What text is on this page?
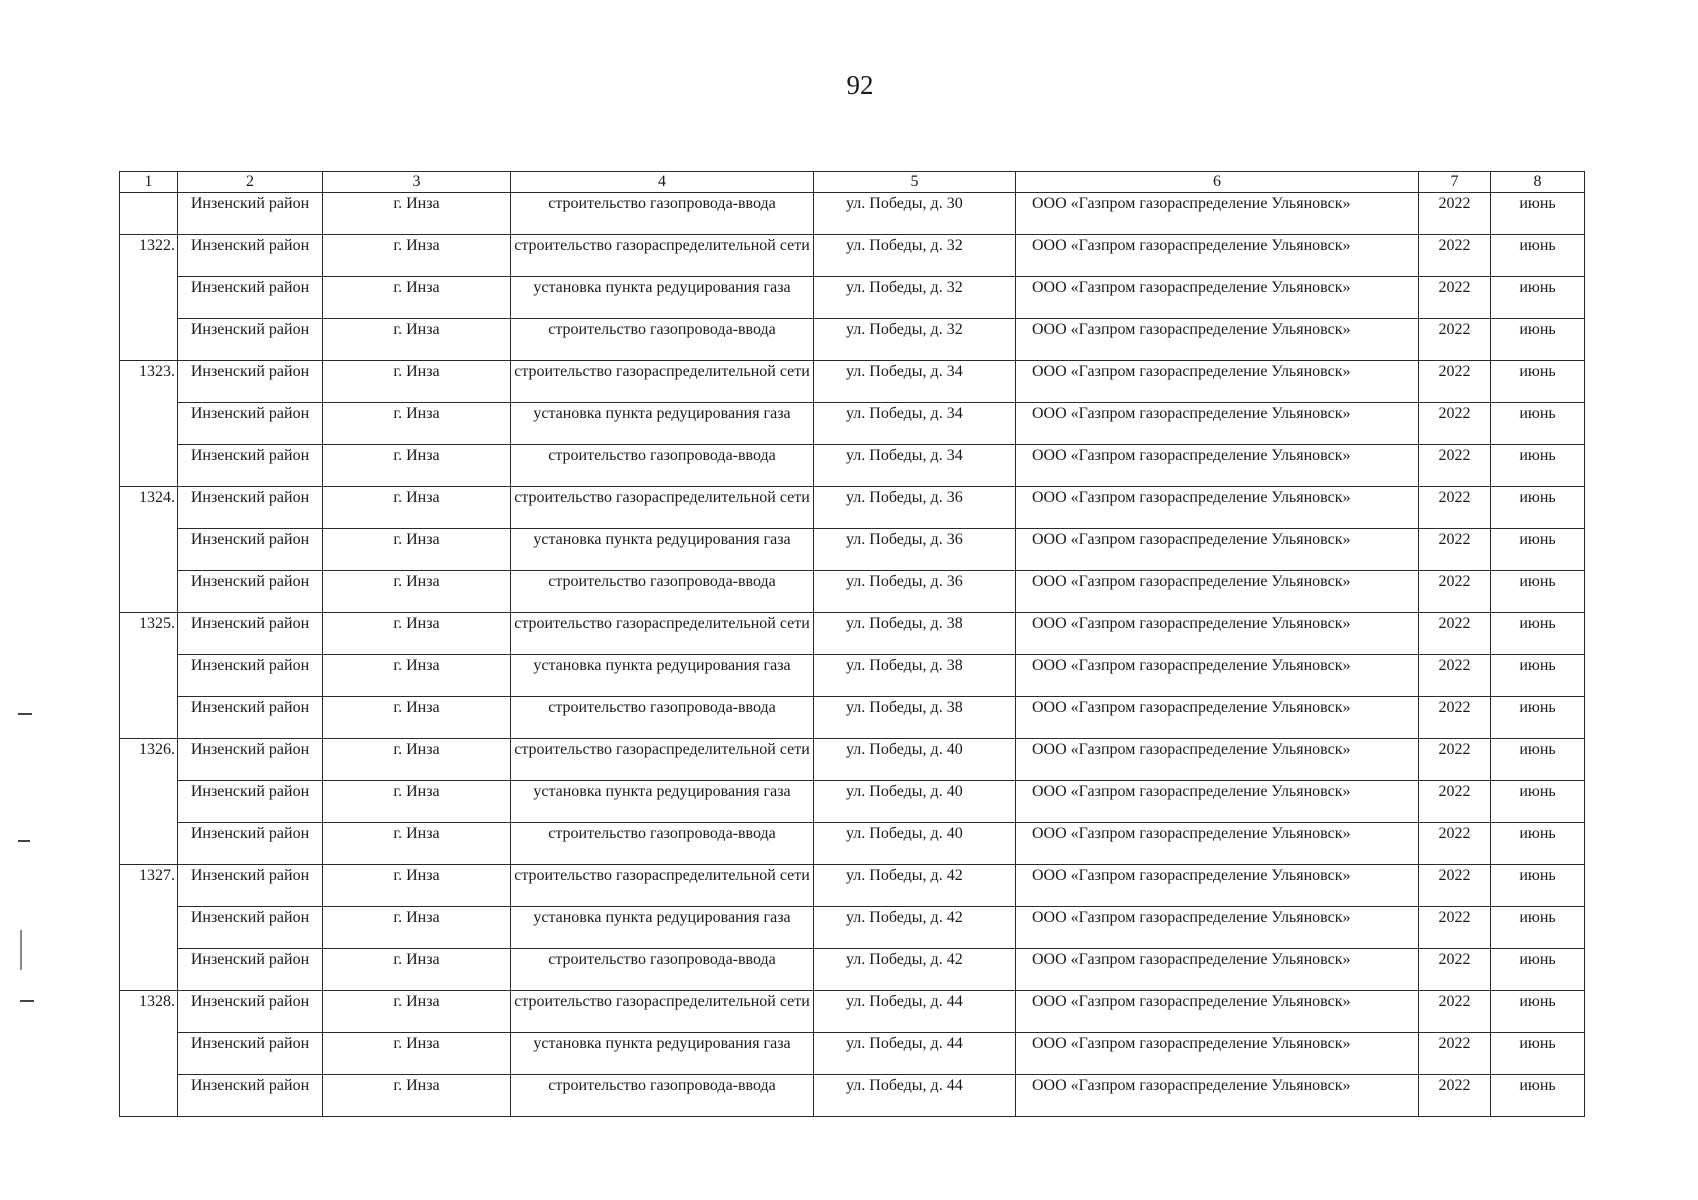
92
1	2	3	4	5	6	7	8
	Инзенский район	г. Инза	строительство газопровода-ввода	ул. Победы, д. 30	ООО «Газпром газораспределение Ульяновск»	2022	июнь
1322.	Инзенский район	г. Инза	строительство газораспределительной сети	ул. Победы, д. 32	ООО «Газпром газораспределение Ульяновск»	2022	июнь
	Инзенский район	г. Инза	установка пункта редуцирования газа	ул. Победы, д. 32	ООО «Газпром газораспределение Ульяновск»	2022	июнь
	Инзенский район	г. Инза	строительство газопровода-ввода	ул. Победы, д. 32	ООО «Газпром газораспределение Ульяновск»	2022	июнь
1323.	Инзенский район	г. Инза	строительство газораспределительной сети	ул. Победы, д. 34	ООО «Газпром газораспределение Ульяновск»	2022	июнь
	Инзенский район	г. Инза	установка пункта редуцирования газа	ул. Победы, д. 34	ООО «Газпром газораспределение Ульяновск»	2022	июнь
	Инзенский район	г. Инза	строительство газопровода-ввода	ул. Победы, д. 34	ООО «Газпром газораспределение Ульяновск»	2022	июнь
1324.	Инзенский район	г. Инза	строительство газораспределительной сети	ул. Победы, д. 36	ООО «Газпром газораспределение Ульяновск»	2022	июнь
	Инзенский район	г. Инза	установка пункта редуцирования газа	ул. Победы, д. 36	ООО «Газпром газораспределение Ульяновск»	2022	июнь
	Инзенский район	г. Инза	строительство газопровода-ввода	ул. Победы, д. 36	ООО «Газпром газораспределение Ульяновск»	2022	июнь
1325.	Инзенский район	г. Инза	строительство газораспределительной сети	ул. Победы, д. 38	ООО «Газпром газораспределение Ульяновск»	2022	июнь
	Инзенский район	г. Инза	установка пункта редуцирования газа	ул. Победы, д. 38	ООО «Газпром газораспределение Ульяновск»	2022	июнь
	Инзенский район	г. Инза	строительство газопровода-ввода	ул. Победы, д. 38	ООО «Газпром газораспределение Ульяновск»	2022	июнь
1326.	Инзенский район	г. Инза	строительство газораспределительной сети	ул. Победы, д. 40	ООО «Газпром газораспределение Ульяновск»	2022	июнь
	Инзенский район	г. Инза	установка пункта редуцирования газа	ул. Победы, д. 40	ООО «Газпром газораспределение Ульяновск»	2022	июнь
	Инзенский район	г. Инза	строительство газопровода-ввода	ул. Победы, д. 40	ООО «Газпром газораспределение Ульяновск»	2022	июнь
1327.	Инзенский район	г. Инза	строительство газораспределительной сети	ул. Победы, д. 42	ООО «Газпром газораспределение Ульяновск»	2022	июнь
	Инзенский район	г. Инза	установка пункта редуцирования газа	ул. Победы, д. 42	ООО «Газпром газораспределение Ульяновск»	2022	июнь
	Инзенский район	г. Инза	строительство газопровода-ввода	ул. Победы, д. 42	ООО «Газпром газораспределение Ульяновск»	2022	июнь
1328.	Инзенский район	г. Инза	строительство газораспределительной сети	ул. Победы, д. 44	ООО «Газпром газораспределение Ульяновск»	2022	июнь
	Инзенский район	г. Инза	установка пункта редуцирования газа	ул. Победы, д. 44	ООО «Газпром газораспределение Ульяновск»	2022	июнь
	Инзенский район	г. Инза	строительство газопровода-ввода	ул. Победы, д. 44	ООО «Газпром газораспределение Ульяновск»	2022	июнь
